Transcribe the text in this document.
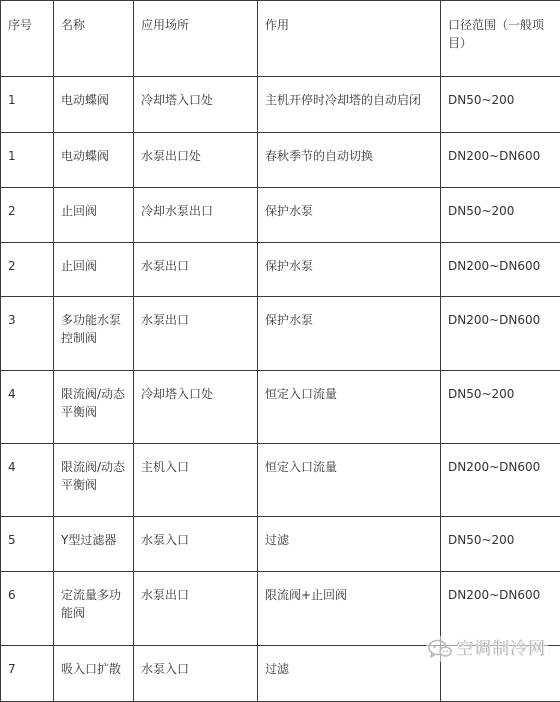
序号	名称	应用场所	作用	口径范围（一般项目）
1	电动蝶阀	冷却塔入口处	主机开停时冷却塔的自动启闭	DN50~200
1	电动蝶阀	水泵出口处	春秋季节的自动切换	DN200~DN600
2	止回阀	冷却水泵出口	保护水泵	DN50~200
2	止回阀	水泵出口	保护水泵	DN200~DN600
3	多功能水泵控制阀	水泵出口	保护水泵	DN200~DN600
4	限流阀/动态平衡阀	冷却塔入口处	恒定入口流量	DN50~200
4	限流阀/动态平衡阀	主机入口	恒定入口流量	DN200~DN600
5	Y型过滤器	水泵入口	过滤	DN50~200
6	定流量多功能阀	水泵出口	限流阀+止回阀	DN200~DN600
7	吸入口扩散	水泵入口	过滤	
空调制冷网
